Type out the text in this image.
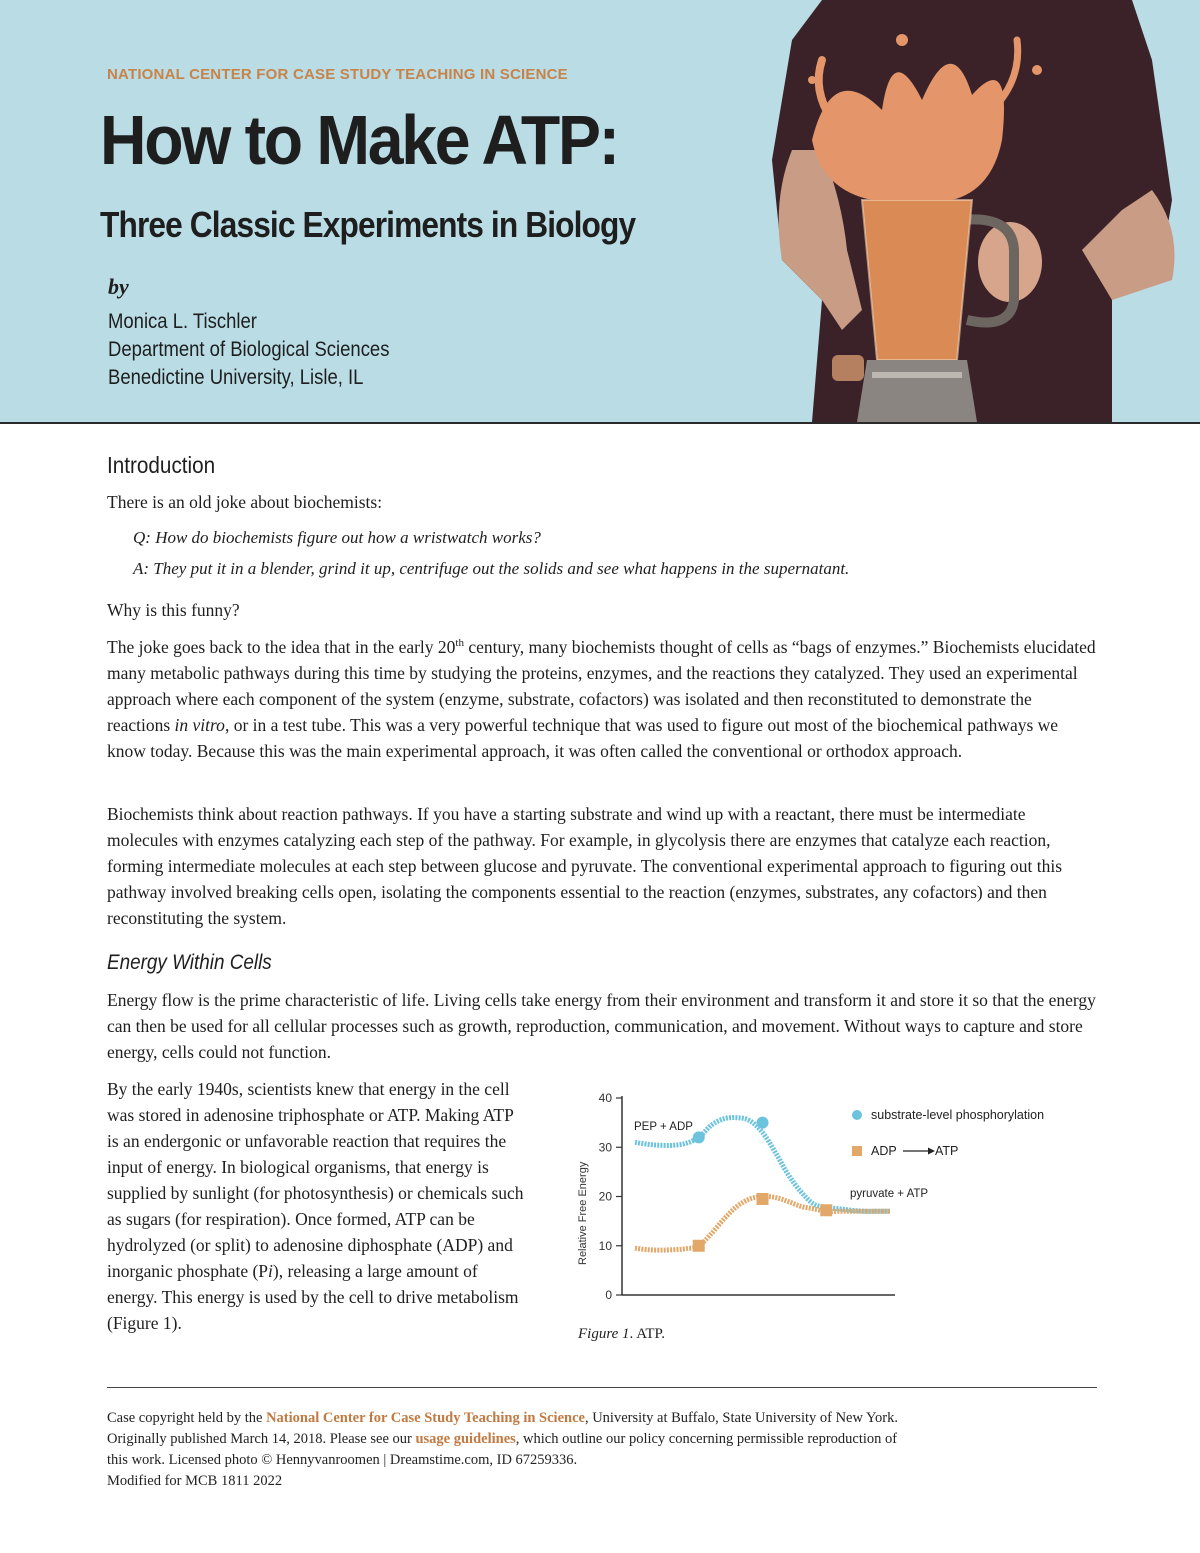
NATIONAL CENTER FOR CASE STUDY TEACHING IN SCIENCE
How to Make ATP:
Three Classic Experiments in Biology
by
Monica L. Tischler
Department of Biological Sciences
Benedictine University, Lisle, IL
Introduction
There is an old joke about biochemists:
Q: How do biochemists figure out how a wristwatch works?
A: They put it in a blender, grind it up, centrifuge out the solids and see what happens in the supernatant.
Why is this funny?
The joke goes back to the idea that in the early 20th century, many biochemists thought of cells as “bags of enzymes.” Biochemists elucidated many metabolic pathways during this time by studying the proteins, enzymes, and the reactions they catalyzed. They used an experimental approach where each component of the system (enzyme, substrate, cofactors) was isolated and then reconstituted to demonstrate the reactions in vitro, or in a test tube. This was a very powerful technique that was used to figure out most of the biochemical pathways we know today. Because this was the main experimental approach, it was often called the conventional or orthodox approach.
Biochemists think about reaction pathways. If you have a starting substrate and wind up with a reactant, there must be intermediate molecules with enzymes catalyzing each step of the pathway. For example, in glycolysis there are enzymes that catalyze each reaction, forming intermediate molecules at each step between glucose and pyruvate. The conventional experimental approach to figuring out this pathway involved breaking cells open, isolating the components essential to the reaction (enzymes, substrates, any cofactors) and then reconstituting the system.
Energy Within Cells
Energy flow is the prime characteristic of life. Living cells take energy from their environment and transform it and store it so that the energy can then be used for all cellular processes such as growth, reproduction, communication, and movement. Without ways to capture and store energy, cells could not function.
By the early 1940s, scientists knew that energy in the cell was stored in adenosine triphosphate or ATP. Making ATP is an endergonic or unfavorable reaction that requires the input of energy. In biological organisms, that energy is supplied by sunlight (for photosynthesis) or chemicals such as sugars (for respiration). Once formed, ATP can be hydrolyzed (or split) to adenosine diphosphate (ADP) and inorganic phosphate (Pi), releasing a large amount of energy. This energy is used by the cell to drive metabolism (Figure 1).
Relative Free Energy
0
10
20
30
40
PEP + ADP
pyruvate + ATP
substrate-level phosphorylation
ADP	ATP
Figure 1. ATP.
Case copyright held by the National Center for Case Study Teaching in Science, University at Buffalo, State University of New York.
Originally published March 14, 2018. Please see our usage guidelines, which outline our policy concerning permissible reproduction of
this work. Licensed photo © Hennyvanroomen | Dreamstime.com, ID 67259336.
Modified for MCB 1811 2022
